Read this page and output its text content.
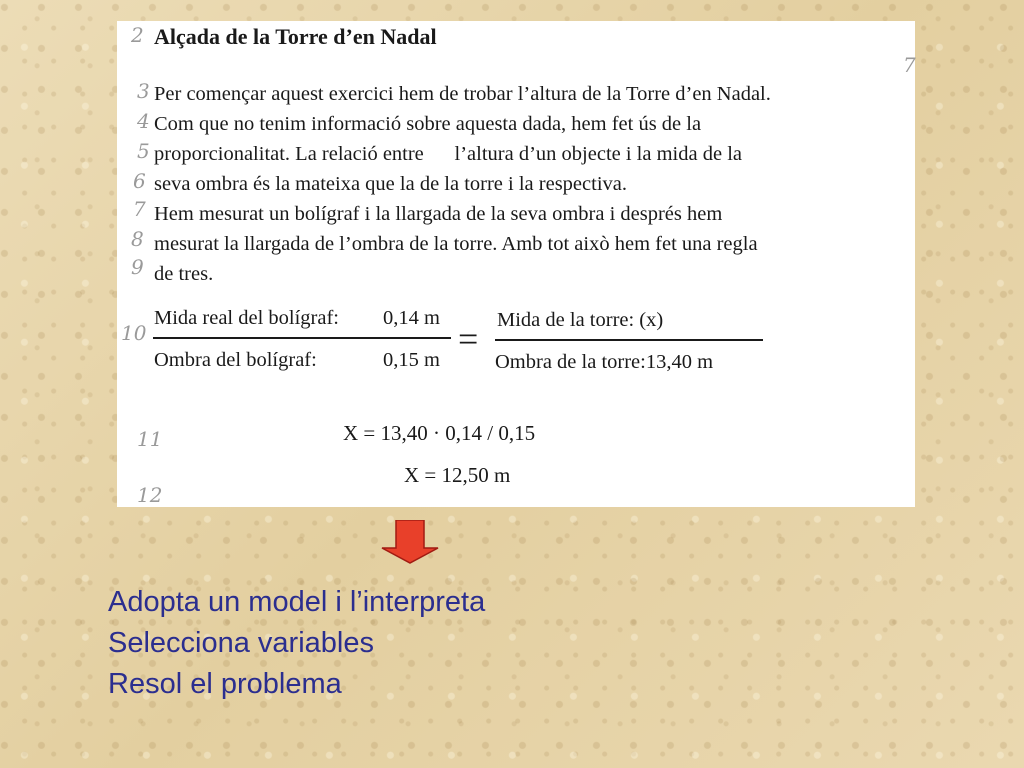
2
3
4
5
6
7
8
9
10
11
12
7
Alçada de la Torre d’en Nadal
Per començar aquest exercici hem de trobar l’altura de la Torre d’en Nadal.
Com que no tenim informació sobre aquesta dada, hem fet ús de la
proporcionalitat. La relació entre      l’altura d’un objecte i la mida de la
seva ombra és la mateixa que la de la torre i la respectiva.
Hem mesurat un bolígraf i la llargada de la seva ombra i després hem
mesurat la llargada de l’ombra de la torre. Amb tot això hem fet una regla
de tres.
Mida real del bolígraf: 0,14 m
Ombra del bolígraf:	0,15 m
= Mida de la torre: (x)
Ombra de la torre:13,40 m
X = 13,40 · 0,14 / 0,15
X = 12,50 m
Adopta un model i l’interpreta
Selecciona variables
Resol el problema
